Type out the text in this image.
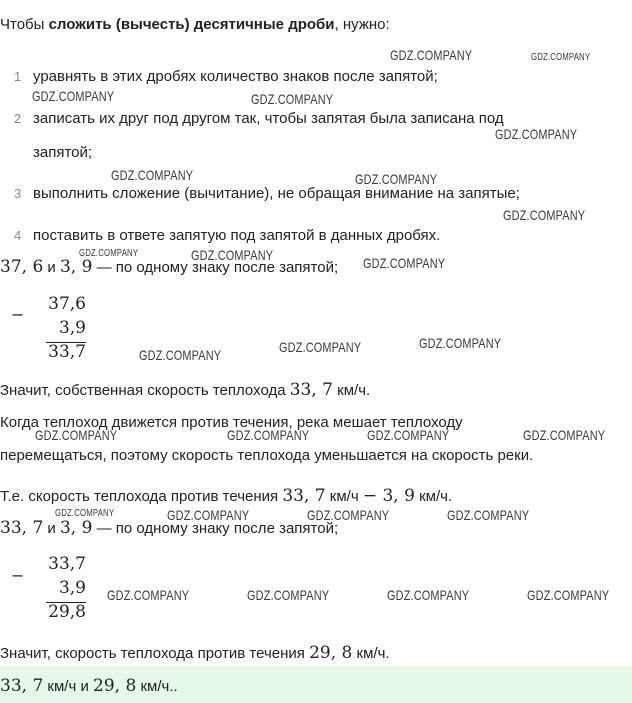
Чтобы сложить (вычесть) десятичные дроби, нужно:
1 уравнять в этих дробях количество знаков после запятой;
2 записать их друг под другом так, чтобы запятая была записана под
запятой;
3 выполнить сложение (вычитание), не обращая внимание на запятые;
4 поставить в ответе запятую под запятой в данных дробях.
37, 6 и 3, 9 — по одному знаку после запятой;
−
37,6
3,9
33,7
Значит, собственная скорость теплохода 33, 7 км/ч.
Когда теплоход движется против течения, река мешает теплоходу
перемещаться, поэтому скорость теплохода уменьшается на скорость реки.
Т.е. скорость теплохода против течения 33, 7 км/ч − 3, 9 км/ч.
33, 7 и 3, 9 — по одному знаку после запятой;
−
33,7
3,9
29,8
Значит, скорость теплохода против течения 29, 8 км/ч.
33, 7 км/ч и 29, 8 км/ч..
GDZ.COMPANY	GDZ.COMPANY
GDZ.COMPANY	GDZ.COMPANY
GDZ.COMPANY
GDZ.COMPANY	GDZ.COMPANY
GDZ.COMPANY
GDZ.COMPANY	GDZ.COMPANY	GDZ.COMPANY
GDZ.COMPANY	GDZ.COMPANY	GDZ.COMPANY
GDZ.COMPANY	GDZ.COMPANY	GDZ.COMPANY	GDZ.COMPANY
GDZ.COMPANY	GDZ.COMPANY	GDZ.COMPANY	GDZ.COMPANY
GDZ.COMPANY	GDZ.COMPANY	GDZ.COMPANY	GDZ.COMPANY
